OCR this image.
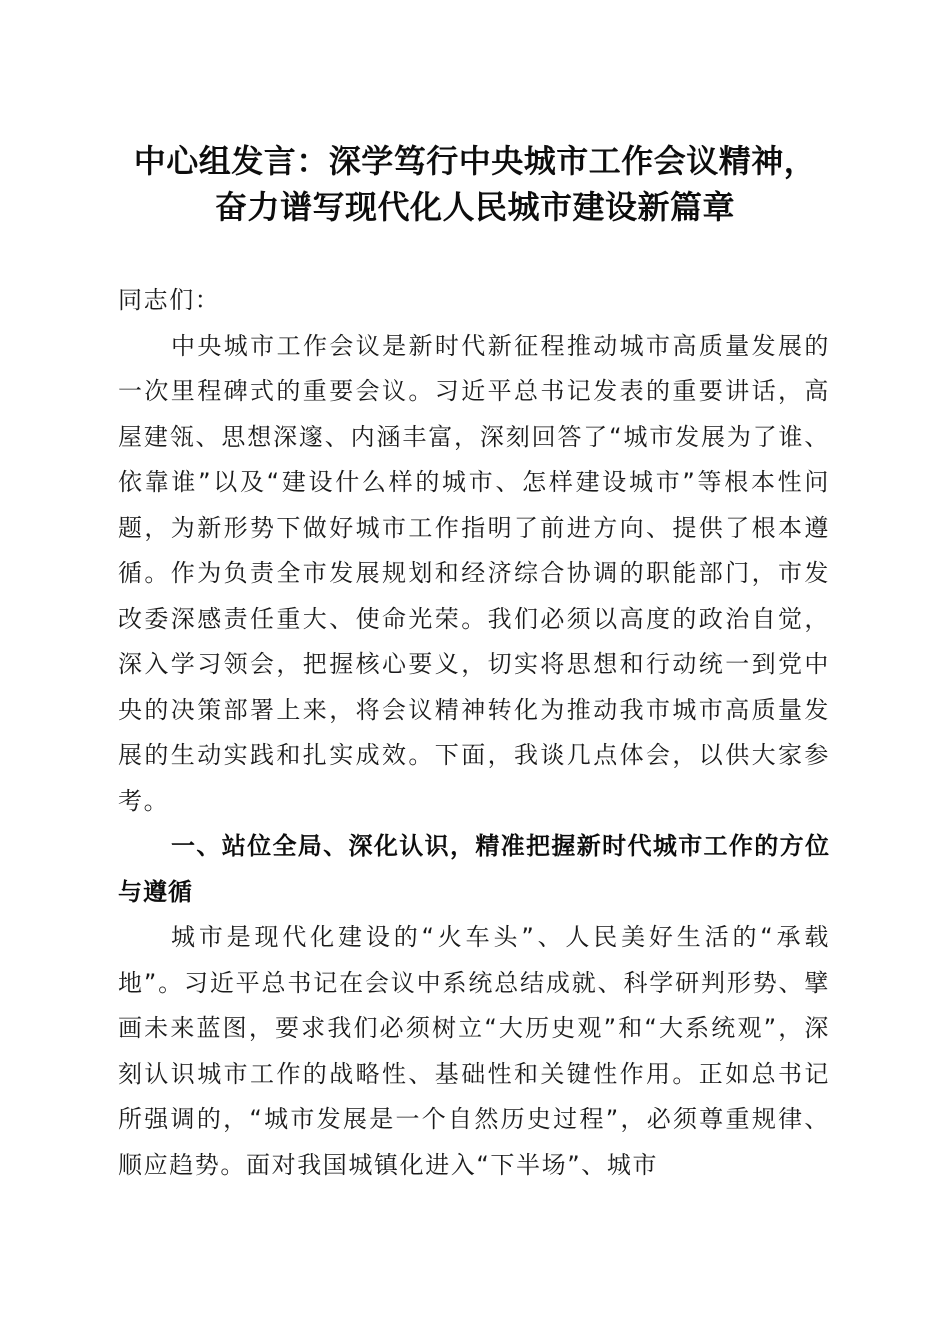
中心组发言：深学笃行中央城市工作会议精神，
奋力谱写现代化人民城市建设新篇章

同志们：

中央城市工作会议是新时代新征程推动城市高质量发展的一次里程碑式的重要会议。习近平总书记发表的重要讲话，高屋建瓴、思想深邃、内涵丰富，深刻回答了“城市发展为了谁、依靠谁”以及“建设什么样的城市、怎样建设城市”等根本性问题，为新形势下做好城市工作指明了前进方向、提供了根本遵循。作为负责全市发展规划和经济综合协调的职能部门，市发改委深感责任重大、使命光荣。我们必须以高度的政治自觉，深入学习领会，把握核心要义，切实将思想和行动统一到党中央的决策部署上来，将会议精神转化为推动我市城市高质量发展的生动实践和扎实成效。下面，我谈几点体会，以供大家参考。

一、站位全局、深化认识，精准把握新时代城市工作的方位与遵循

城市是现代化建设的“火车头”、人民美好生活的“承载地”。习近平总书记在会议中系统总结成就、科学研判形势、擘画未来蓝图，要求我们必须树立“大历史观”和“大系统观”，深刻认识城市工作的战略性、基础性和关键性作用。正如总书记所强调的，“城市发展是一个自然历史过程”，必须尊重规律、顺应趋势。面对我国城镇化进入“下半场”、城市
